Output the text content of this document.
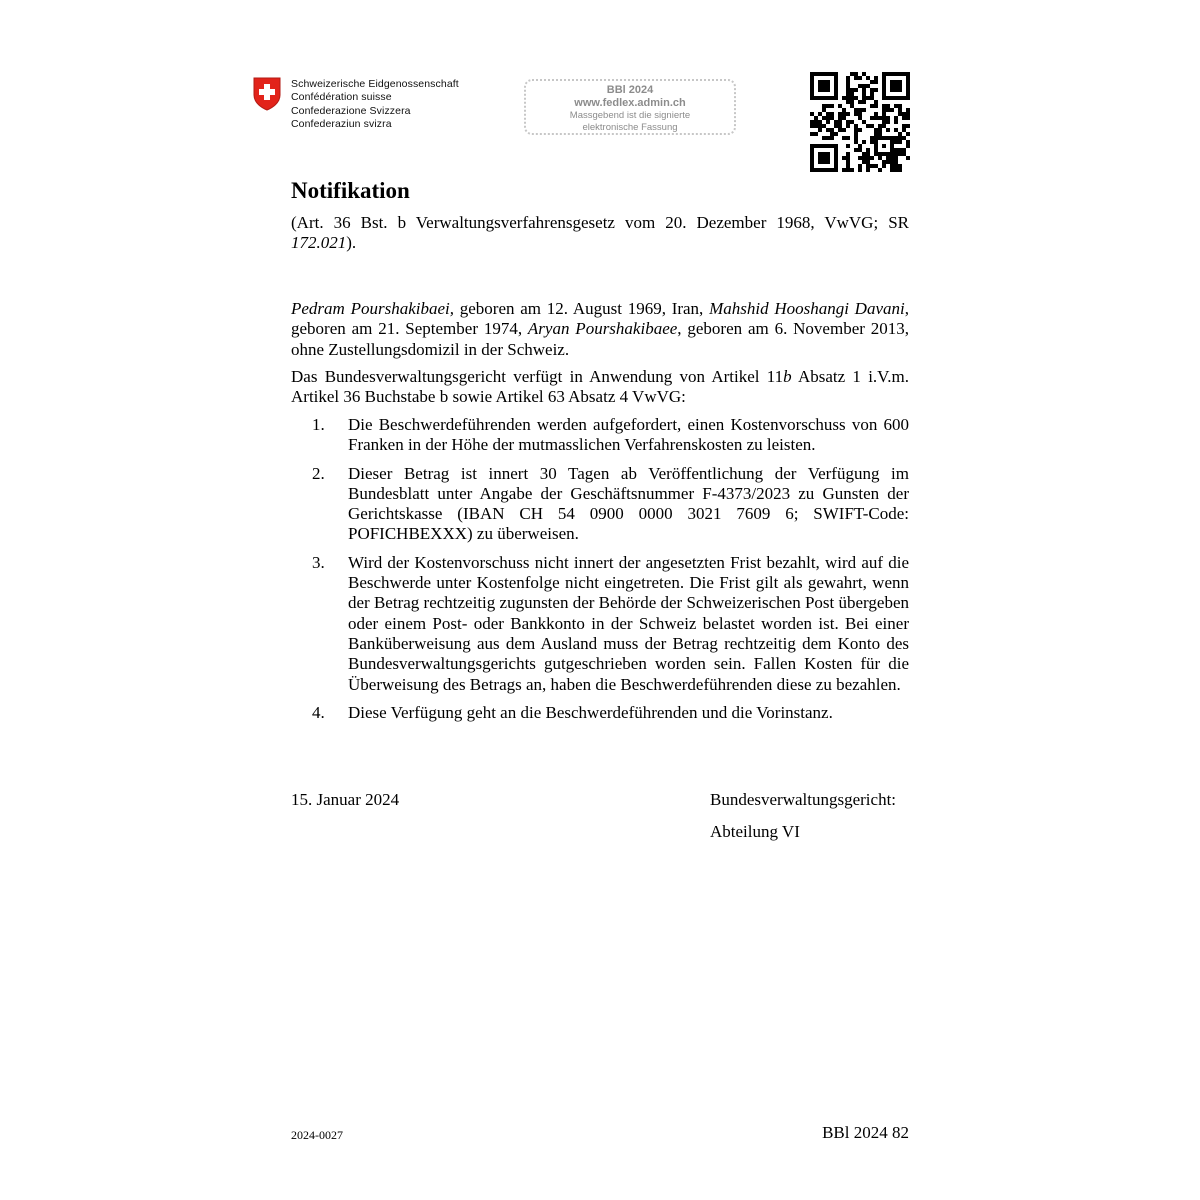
Schweizerische Eidgenossenschaft
Confédération suisse
Confederazione Svizzera
Confederaziun svizra
BBl 2024
www.fedlex.admin.ch
Massgebend ist die signierte
elektronische Fassung
Notifikation
(Art. 36 Bst. b Verwaltungsverfahrensgesetz vom 20. Dezember 1968, VwVG; SR 172.021).
Pedram Pourshakibaei, geboren am 12. August 1969, Iran, Mahshid Hooshangi Davani, geboren am 21. September 1974, Aryan Pourshakibaee, geboren am 6. November 2013, ohne Zustellungsdomizil in der Schweiz.
Das Bundesverwaltungsgericht verfügt in Anwendung von Artikel 11b Absatz 1 i.V.m. Artikel 36 Buchstabe b sowie Artikel 63 Absatz 4 VwVG:
1. Die Beschwerdeführenden werden aufgefordert, einen Kostenvorschuss von 600 Franken in der Höhe der mutmasslichen Verfahrenskosten zu leisten.
2. Dieser Betrag ist innert 30 Tagen ab Veröffentlichung der Verfügung im Bundesblatt unter Angabe der Geschäftsnummer F-4373/2023 zu Gunsten der Gerichtskasse (IBAN CH 54 0900 0000 3021 7609 6; SWIFT-Code: POFICHBEXXX) zu überweisen.
3. Wird der Kostenvorschuss nicht innert der angesetzten Frist bezahlt, wird auf die Beschwerde unter Kostenfolge nicht eingetreten. Die Frist gilt als gewahrt, wenn der Betrag rechtzeitig zugunsten der Behörde der Schweizerischen Post übergeben oder einem Post- oder Bankkonto in der Schweiz belastet worden ist. Bei einer Banküberweisung aus dem Ausland muss der Betrag rechtzeitig dem Konto des Bundesverwaltungsgerichts gutgeschrieben worden sein. Fallen Kosten für die Überweisung des Betrags an, haben die Beschwerdeführenden diese zu bezahlen.
4. Diese Verfügung geht an die Beschwerdeführenden und die Vorinstanz.
15. Januar 2024	Bundesverwaltungsgericht:
Abteilung VI
2024-0027	BBl 2024 82
